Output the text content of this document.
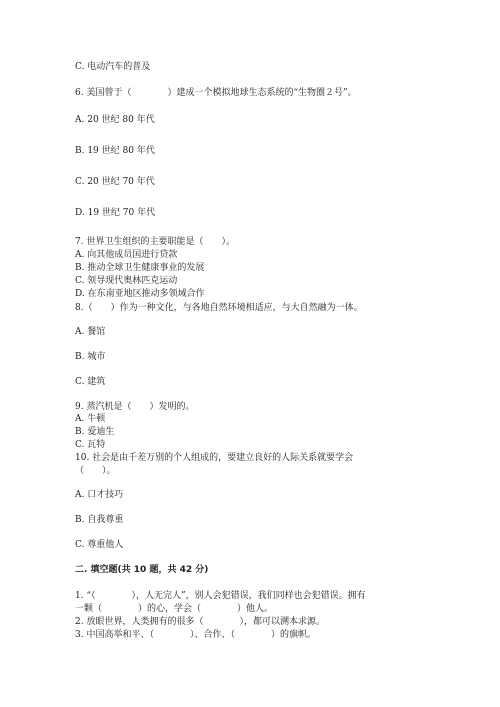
C. 电动汽车的普及
6. 美国曾于（　　　　）建成一个模拟地球生态系统的“生物圈２号”。
A. 20 世纪 80 年代
B. 19 世纪 80 年代
C. 20 世纪 70 年代
D. 19 世纪 70 年代
7. 世界卫生组织的主要职能是（　　）。
A. 向其他成员国进行贷款
B. 推动全球卫生健康事业的发展
C. 领导现代奥林匹克运动
D. 在东南亚地区推动多领域合作
8.（　　）作为一种文化，与各地自然环境相适应，与大自然融为一体。
A. 餐馆
B. 城市
C. 建筑
9. 蒸汽机是（　　）发明的。
A. 牛顿
B. 爱迪生
C. 瓦特
10. 社会是由千差万别的个人组成的，要建立良好的人际关系就要学会
（　　）。
A. 口才技巧
B. 自我尊重
C. 尊重他人
二. 填空题(共 10 题，共 42 分)
1. “（　　　　），人无完人”，别人会犯错误，我们同样也会犯错误。拥有
一颗（　　　　）的心，学会（　　　　）他人。
2. 放眼世界，人类拥有的很多（　　　　），都可以溯本求源。
3. 中国高举和平、（　　　　）、合作、（　　　　）的旗帜。
